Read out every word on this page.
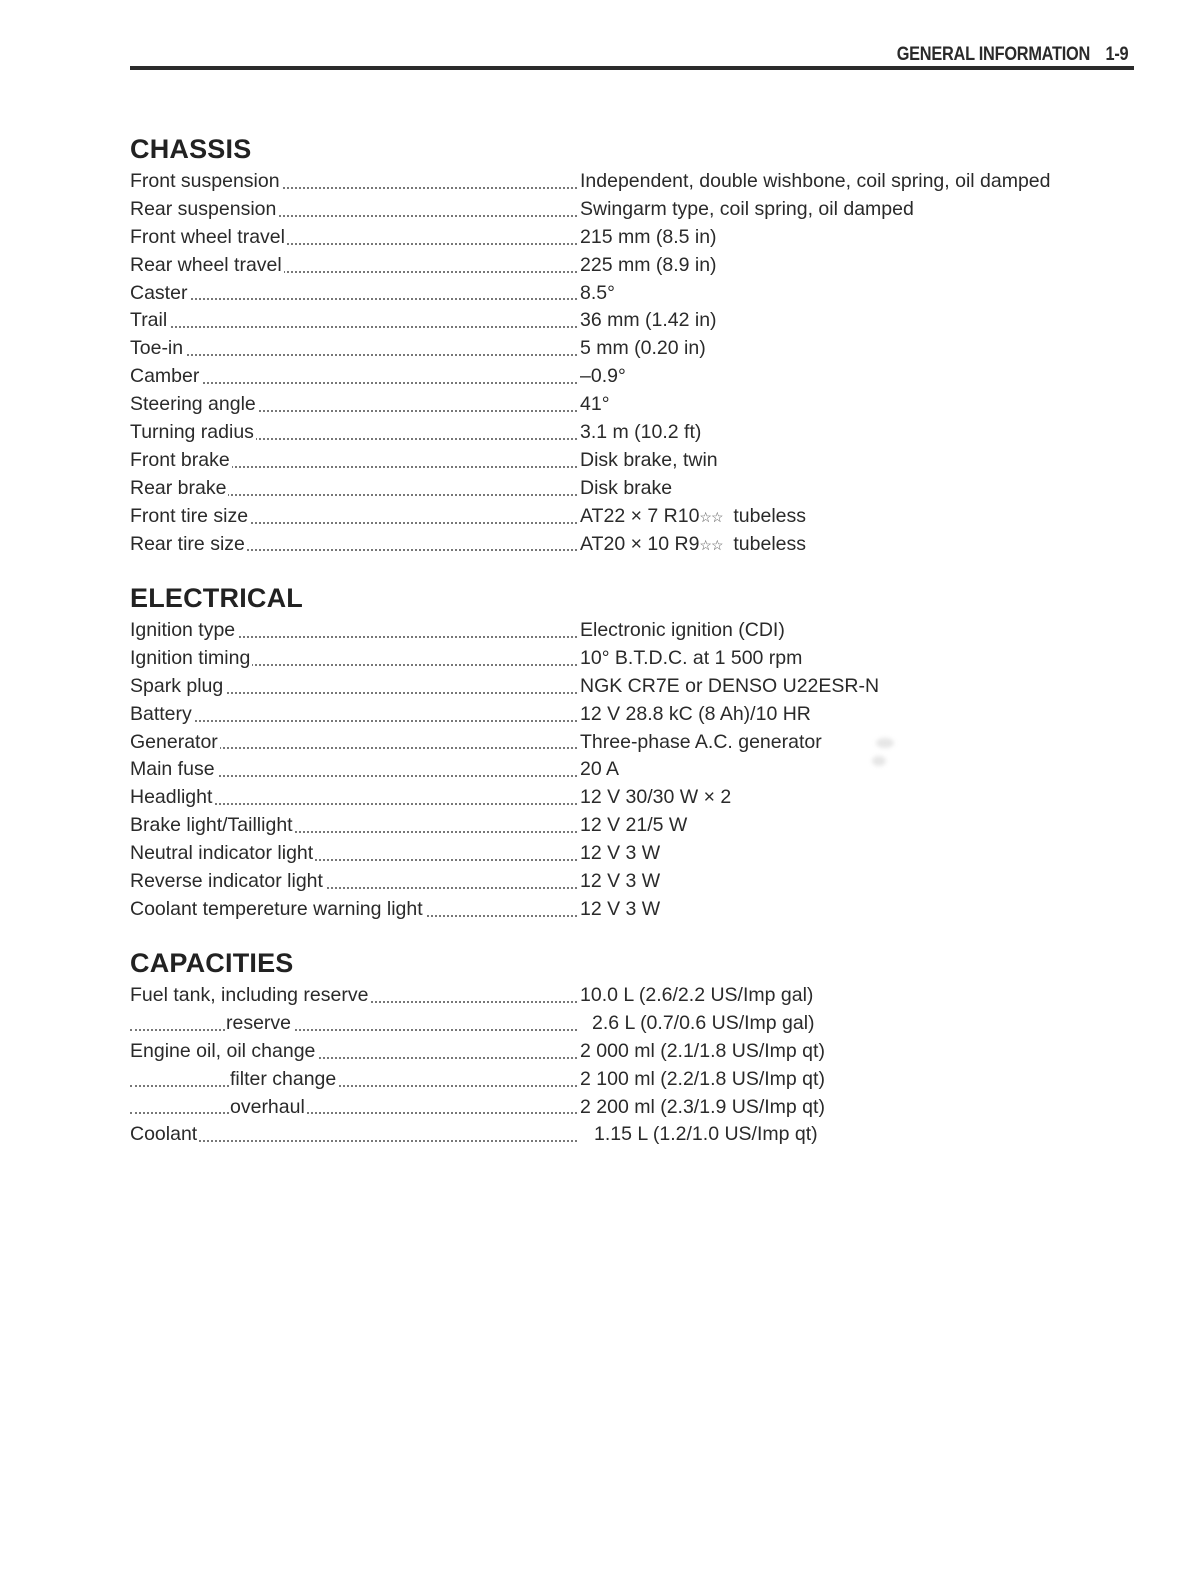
GENERAL INFORMATION 1-9
CHASSIS
Front suspension	Independent, double wishbone, coil spring, oil damped
Rear suspension	Swingarm type, coil spring, oil damped
Front wheel travel	215 mm (8.5 in)
Rear wheel travel	225 mm (8.9 in)
Caster	8.5°
Trail	36 mm (1.42 in)
Toe-in	5 mm (0.20 in)
Camber	–0.9°
Steering angle	41°
Turning radius	3.1 m (10.2 ft)
Front brake	Disk brake, twin
Rear brake	Disk brake
Front tire size	AT22 × 7 R10☆☆ tubeless
Rear tire size	AT20 × 10 R9☆☆ tubeless
ELECTRICAL
Ignition type	Electronic ignition (CDI)
Ignition timing	10° B.T.D.C. at 1 500 rpm
Spark plug	NGK CR7E or DENSO U22ESR-N
Battery	12 V 28.8 kC (8 Ah)/10 HR
Generator	Three-phase A.C. generator
Main fuse	20 A
Headlight	12 V 30/30 W × 2
Brake light/Taillight	12 V 21/5 W
Neutral indicator light	12 V 3 W
Reverse indicator light	12 V 3 W
Coolant tempereture warning light	12 V 3 W
CAPACITIES
Fuel tank, including reserve	10.0 L (2.6/2.2 US/Imp gal)
reserve	2.6 L (0.7/0.6 US/Imp gal)
Engine oil, oil change	2 000 ml (2.1/1.8 US/Imp qt)
filter change	2 100 ml (2.2/1.8 US/Imp qt)
overhaul	2 200 ml (2.3/1.9 US/Imp qt)
Coolant	1.15 L (1.2/1.0 US/Imp qt)
